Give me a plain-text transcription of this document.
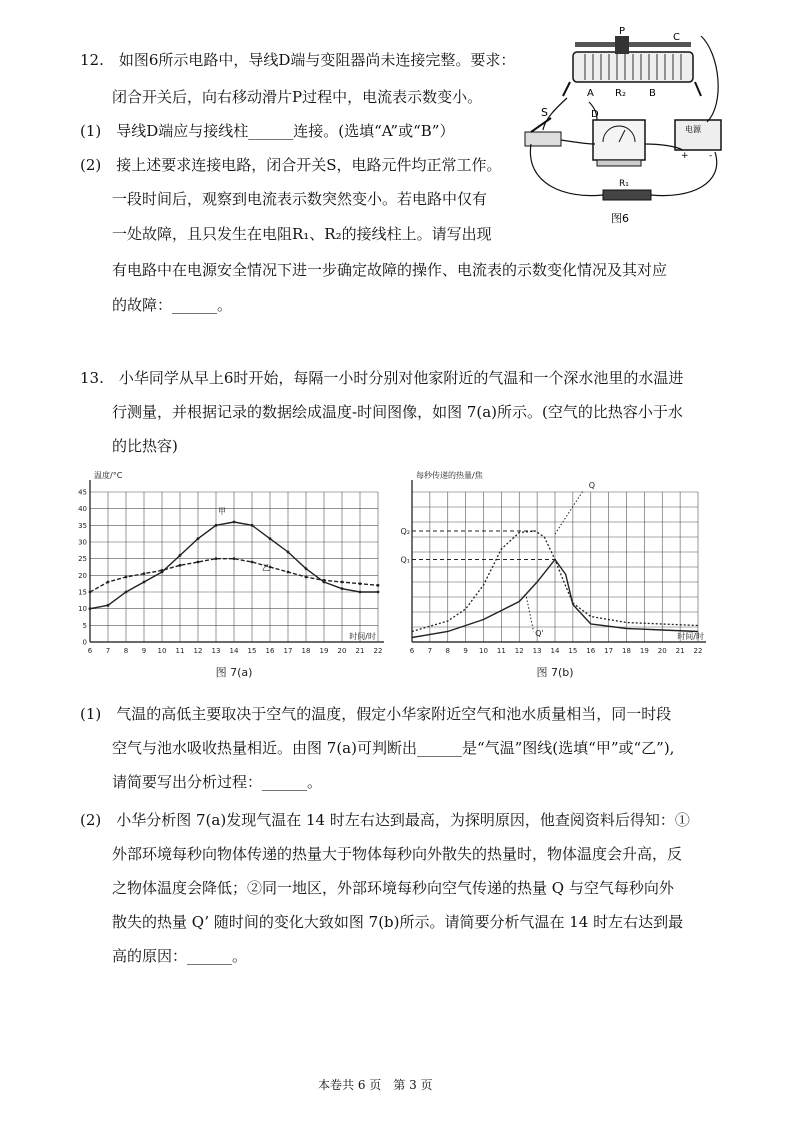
12.　如图6所示电路中，导线D端与变阻器尚未连接完整。要求：
闭合开关后，向右移动滑片P过程中，电流表示数变小。
(1)　导线D端应与接线柱______连接。(选填“A”或“B”）
(2)　接上述要求连接电路，闭合开关S，电路元件均正常工作。
一段时间后，观察到电流表示数突然变小。若电路中仅有
一处故障，且只发生在电阻R₁、R₂的接线柱上。请写出现
有电路中在电源安全情况下进一步确定故障的操作、电流表的示数变化情况及其对应
的故障：______。
P
C
A R₂ B
D
S
电源
+ -
R₁
图6
13.　小华同学从早上6时开始，每隔一小时分别对他家附近的气温和一个深水池里的水温进
行测量，并根据记录的数据绘成温度-时间图像，如图 7(a)所示。(空气的比热容小于水
的比热容)
6 7 8 9 10 11 12 13 14 15 16 17 18 19 20 21 22
0
5
10
15
20
25
30
35
40
45
温度/°C
时间/时
甲
乙
图 7(a)
6 7 8 9 10 11 12 13 14 15 16 17 18 19 20 21 22
每秒传递的热量/焦
时间/时
Q₂
Q₁
Q
Q'
图 7(b)
(1)　气温的高低主要取决于空气的温度，假定小华家附近空气和池水质量相当，同一时段
空气与池水吸收热量相近。由图 7(a)可判断出______是“气温”图线(选填“甲”或“乙”),
请简要写出分析过程：______。
(2)　小华分析图 7(a)发现气温在 14 时左右达到最高，为探明原因，他查阅资料后得知：①
外部环境每秒向物体传递的热量大于物体每秒向外散失的热量时，物体温度会升高，反
之物体温度会降低；②同一地区，外部环境每秒向空气传递的热量 Q 与空气每秒向外
散失的热量 Q’ 随时间的变化大致如图 7(b)所示。请简要分析气温在 14 时左右达到最
高的原因：______。
本卷共 6 页　第 3 页
